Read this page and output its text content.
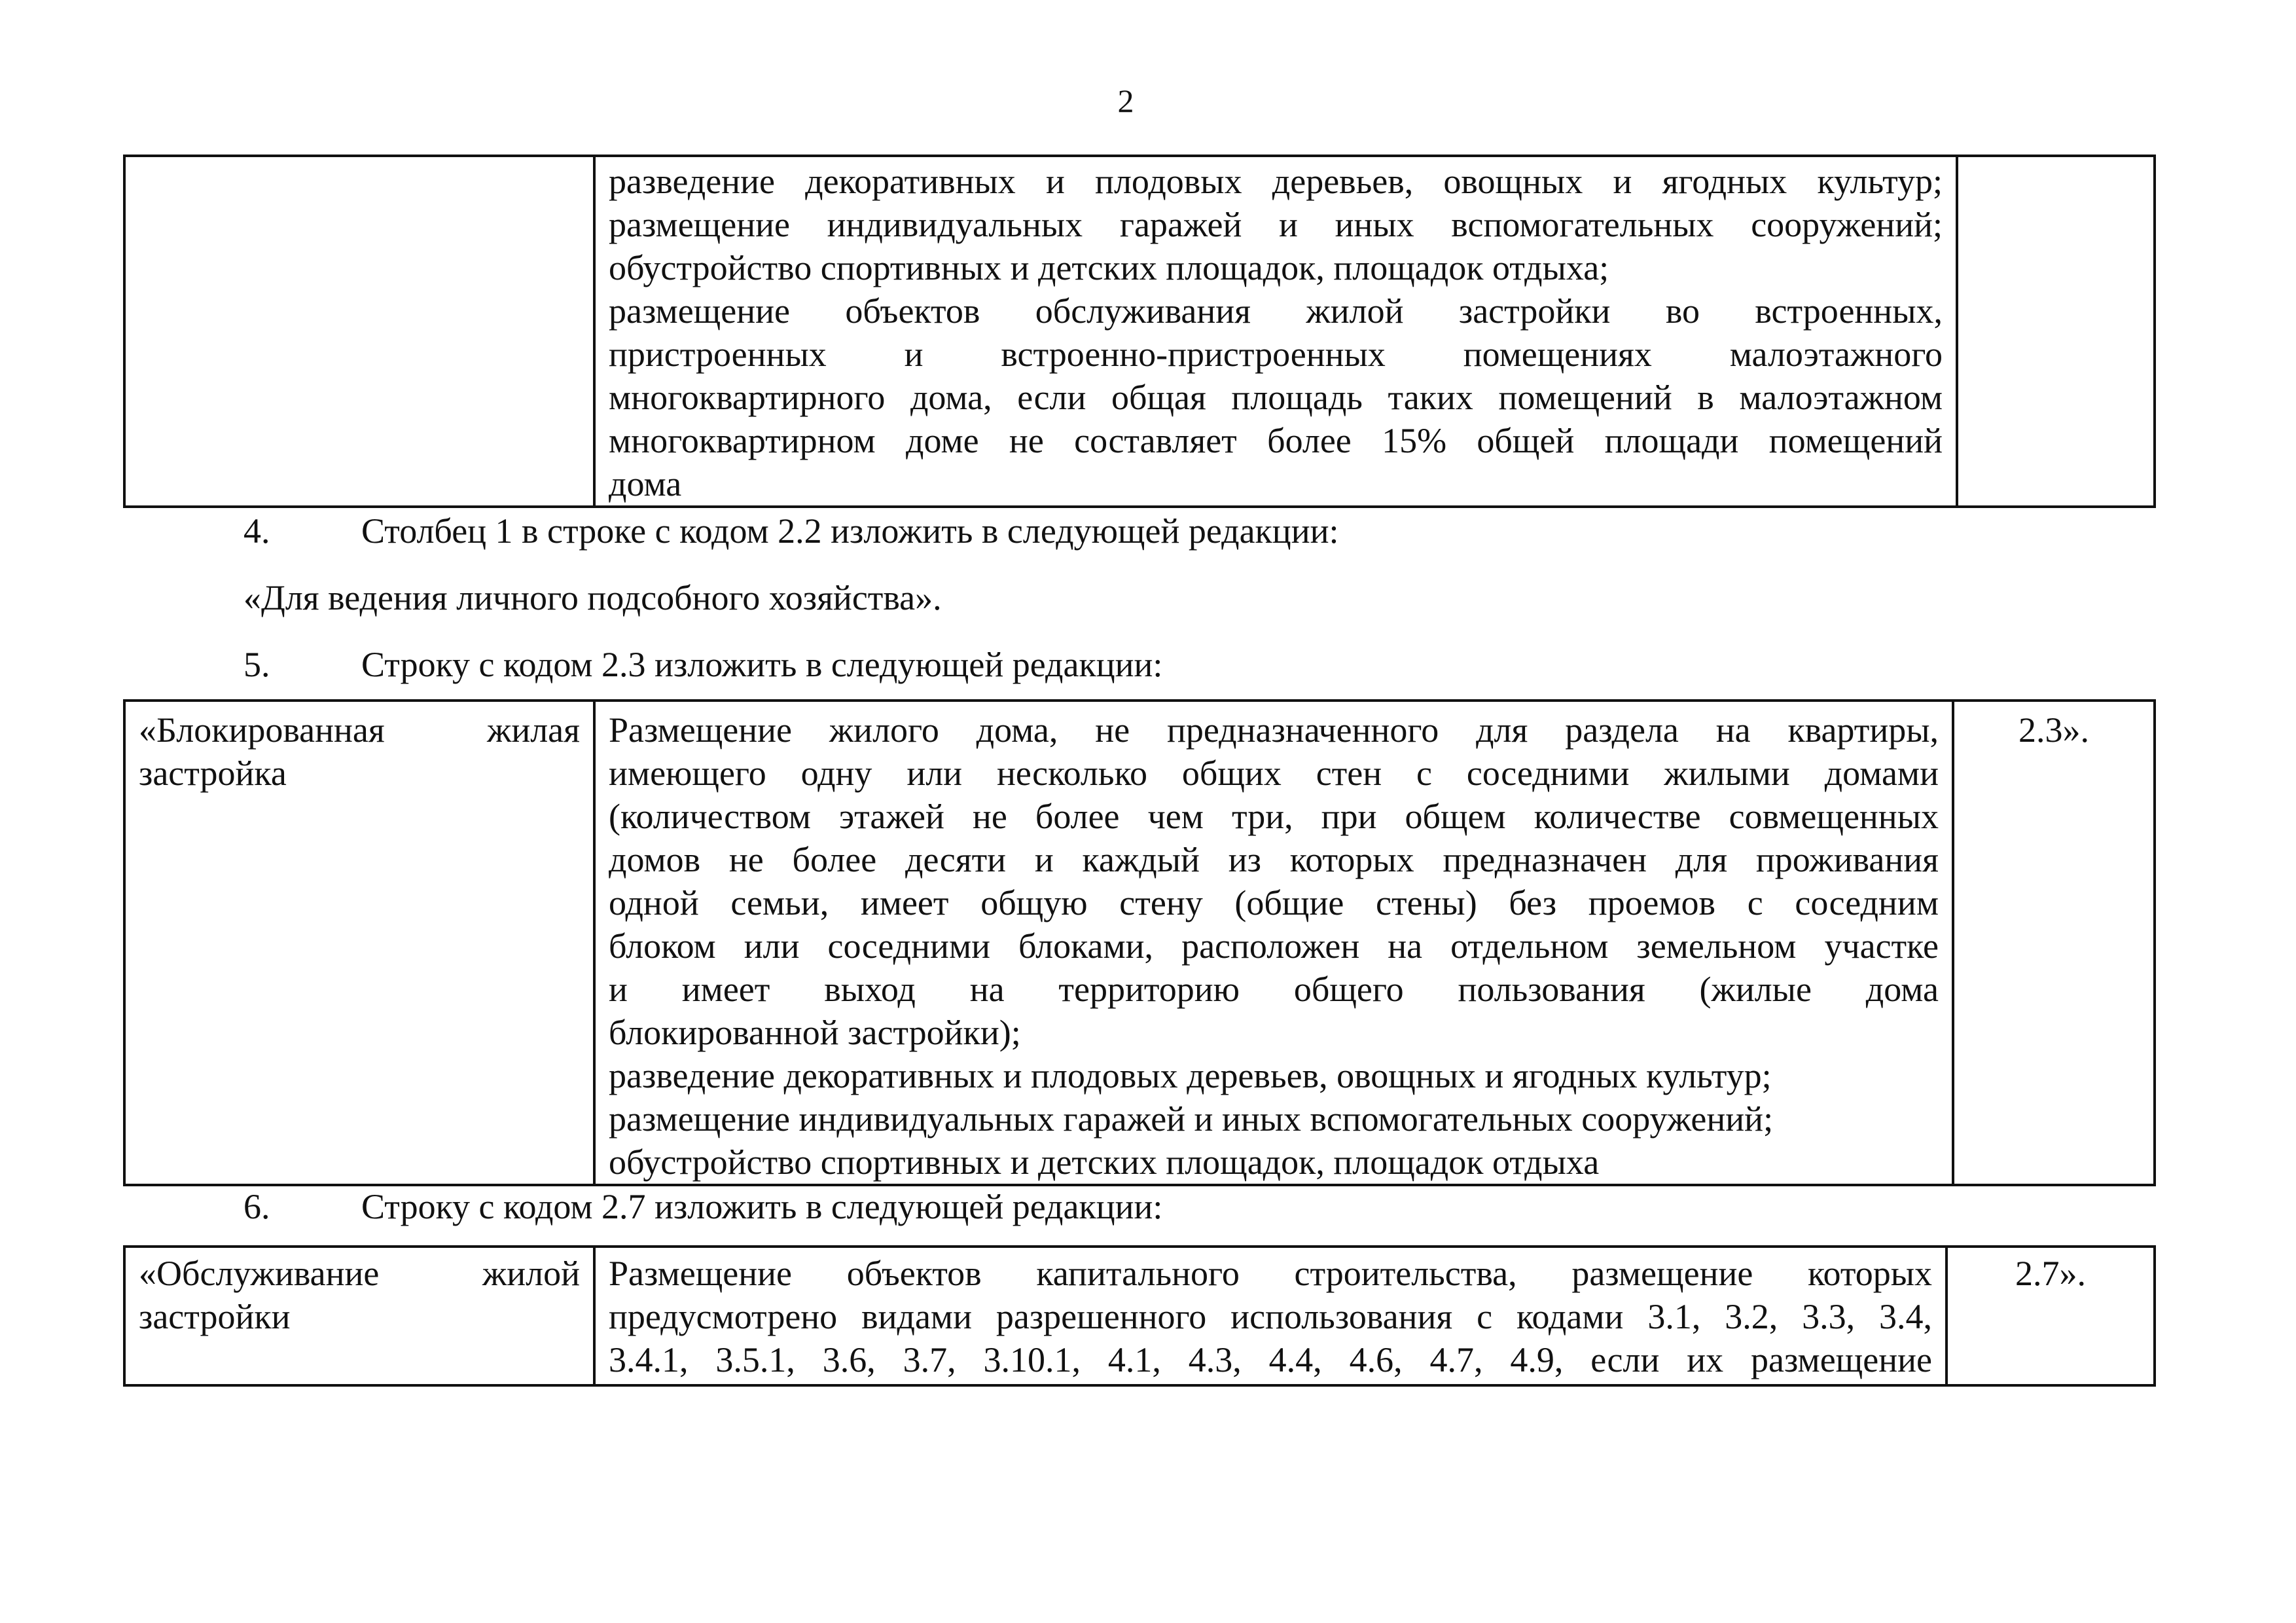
2

разведение декоративных и плодовых деревьев, овощных и ягодных культур;
размещение индивидуальных гаражей и иных вспомогательных сооружений;
обустройство спортивных и детских площадок, площадок отдыха;
размещение объектов обслуживания жилой застройки во встроенных,
пристроенных и встроенно-пристроенных помещениях малоэтажного
многоквартирного дома, если общая площадь таких помещений в малоэтажном
многоквартирном доме не составляет более 15% общей площади помещений
дома

4.	Столбец 1 в строке с кодом 2.2 изложить в следующей редакции:
«Для ведения личного подсобного хозяйства».
5.	Строку с кодом 2.3 изложить в следующей редакции:
«Блокированная жилая
застройка

Размещение жилого дома, не предназначенного для раздела на квартиры,
имеющего одну или несколько общих стен с соседними жилыми домами
(количеством этажей не более чем три, при общем количестве совмещенных
домов не более десяти и каждый из которых предназначен для проживания
одной семьи, имеет общую стену (общие стены) без проемов с соседним
блоком или соседними блоками, расположен на отдельном земельном участке
и имеет выход на территорию общего пользования (жилые дома
блокированной застройки);
разведение декоративных и плодовых деревьев, овощных и ягодных культур;
размещение индивидуальных гаражей и иных вспомогательных сооружений;
обустройство спортивных и детских площадок, площадок отдыха
	2.3».
6.	Строку с кодом 2.7 изложить в следующей редакции:
«Обслуживание жилой
застройки

Размещение объектов капитального строительства, размещение которых
предусмотрено видами разрешенного использования с кодами 3.1, 3.2, 3.3, 3.4,
3.4.1, 3.5.1, 3.6, 3.7, 3.10.1, 4.1, 4.3, 4.4, 4.6, 4.7, 4.9, если их размещение
	2.7».
